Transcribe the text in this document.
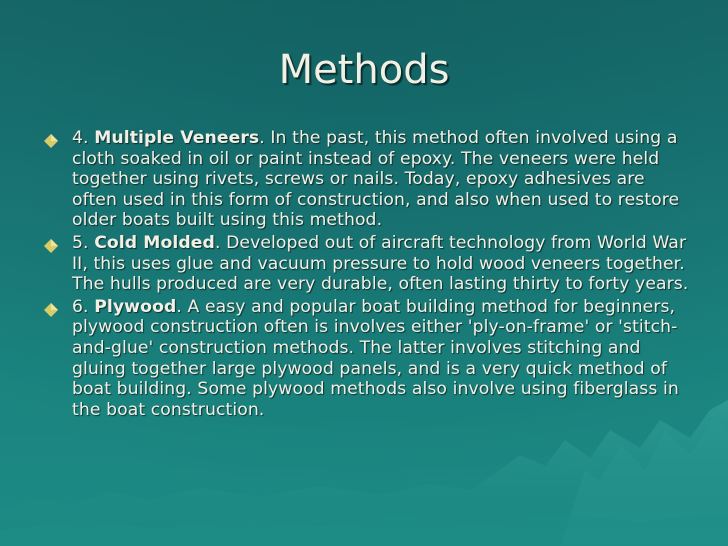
Methods
4. Multiple Veneers. In the past, this method often involved using a cloth soaked in oil or paint instead of epoxy. The veneers were held together using rivets, screws or nails. Today, epoxy adhesives are often used in this form of construction, and also when used to restore older boats built using this method.
5. Cold Molded. Developed out of aircraft technology from World War II, this uses glue and vacuum pressure to hold wood veneers together. The hulls produced are very durable, often lasting thirty to forty years.
6. Plywood. A easy and popular boat building method for beginners, plywood construction often is involves either 'ply-on-frame' or 'stitch-and-glue' construction methods. The latter involves stitching and gluing together large plywood panels, and is a very quick method of boat building. Some plywood methods also involve using fiberglass in the boat construction.
